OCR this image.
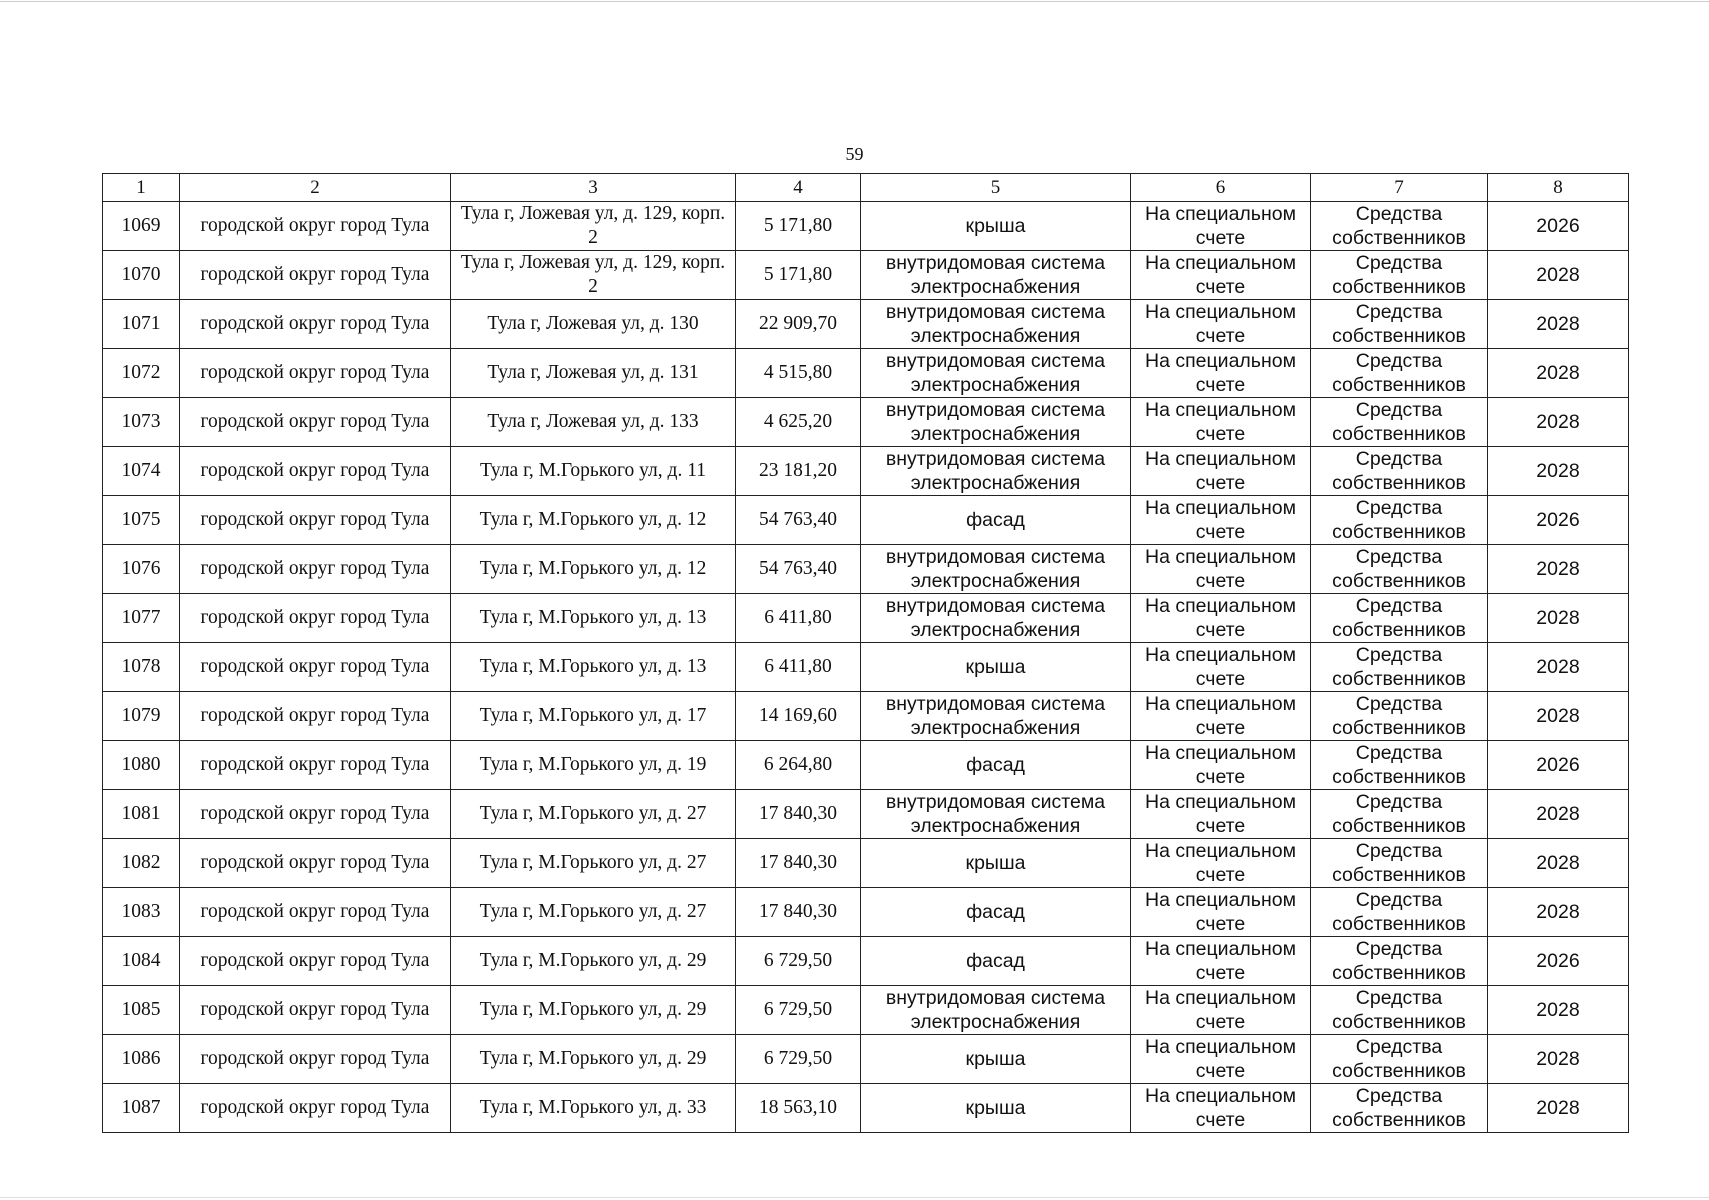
59
1	2	3	4	5	6	7	8
1069	городской округ город Тула	Тула г, Ложевая ул, д. 129, корп. 2	5 171,80	крыша	На специальном счете	Средства собственников	2026
1070	городской округ город Тула	Тула г, Ложевая ул, д. 129, корп. 2	5 171,80	внутридомовая система электроснабжения	На специальном счете	Средства собственников	2028
1071	городской округ город Тула	Тула г, Ложевая ул, д. 130	22 909,70	внутридомовая система электроснабжения	На специальном счете	Средства собственников	2028
1072	городской округ город Тула	Тула г, Ложевая ул, д. 131	4 515,80	внутридомовая система электроснабжения	На специальном счете	Средства собственников	2028
1073	городской округ город Тула	Тула г, Ложевая ул, д. 133	4 625,20	внутридомовая система электроснабжения	На специальном счете	Средства собственников	2028
1074	городской округ город Тула	Тула г, М.Горького ул, д. 11	23 181,20	внутридомовая система электроснабжения	На специальном счете	Средства собственников	2028
1075	городской округ город Тула	Тула г, М.Горького ул, д. 12	54 763,40	фасад	На специальном счете	Средства собственников	2026
1076	городской округ город Тула	Тула г, М.Горького ул, д. 12	54 763,40	внутридомовая система электроснабжения	На специальном счете	Средства собственников	2028
1077	городской округ город Тула	Тула г, М.Горького ул, д. 13	6 411,80	внутридомовая система электроснабжения	На специальном счете	Средства собственников	2028
1078	городской округ город Тула	Тула г, М.Горького ул, д. 13	6 411,80	крыша	На специальном счете	Средства собственников	2028
1079	городской округ город Тула	Тула г, М.Горького ул, д. 17	14 169,60	внутридомовая система электроснабжения	На специальном счете	Средства собственников	2028
1080	городской округ город Тула	Тула г, М.Горького ул, д. 19	6 264,80	фасад	На специальном счете	Средства собственников	2026
1081	городской округ город Тула	Тула г, М.Горького ул, д. 27	17 840,30	внутридомовая система электроснабжения	На специальном счете	Средства собственников	2028
1082	городской округ город Тула	Тула г, М.Горького ул, д. 27	17 840,30	крыша	На специальном счете	Средства собственников	2028
1083	городской округ город Тула	Тула г, М.Горького ул, д. 27	17 840,30	фасад	На специальном счете	Средства собственников	2028
1084	городской округ город Тула	Тула г, М.Горького ул, д. 29	6 729,50	фасад	На специальном счете	Средства собственников	2026
1085	городской округ город Тула	Тула г, М.Горького ул, д. 29	6 729,50	внутридомовая система электроснабжения	На специальном счете	Средства собственников	2028
1086	городской округ город Тула	Тула г, М.Горького ул, д. 29	6 729,50	крыша	На специальном счете	Средства собственников	2028
1087	городской округ город Тула	Тула г, М.Горького ул, д. 33	18 563,10	крыша	На специальном счете	Средства собственников	2028
